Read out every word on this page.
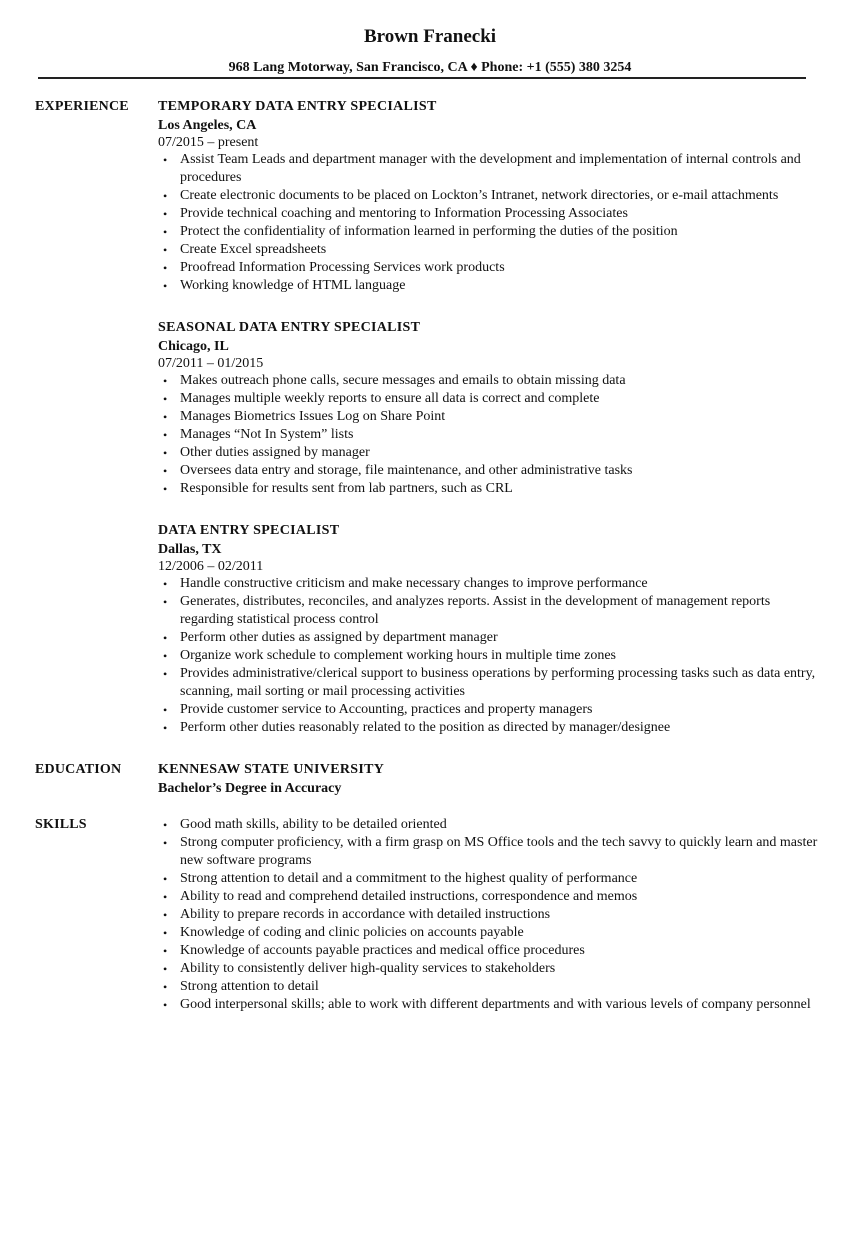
Brown Franecki
968 Lang Motorway, San Francisco, CA ♦ Phone: +1 (555) 380 3254
EXPERIENCE TEMPORARY DATA ENTRY SPECIALIST
Los Angeles, CA
07/2015 – present
• Assist Team Leads and department manager with the development and implementation of internal controls and procedures
• Create electronic documents to be placed on Lockton’s Intranet, network directories, or e-mail attachments
• Provide technical coaching and mentoring to Information Processing Associates
• Protect the confidentiality of information learned in performing the duties of the position
• Create Excel spreadsheets
• Proofread Information Processing Services work products
• Working knowledge of HTML language
SEASONAL DATA ENTRY SPECIALIST
Chicago, IL
07/2011 – 01/2015
• Makes outreach phone calls, secure messages and emails to obtain missing data
• Manages multiple weekly reports to ensure all data is correct and complete
• Manages Biometrics Issues Log on Share Point
• Manages “Not In System” lists
• Other duties assigned by manager
• Oversees data entry and storage, file maintenance, and other administrative tasks
• Responsible for results sent from lab partners, such as CRL
DATA ENTRY SPECIALIST
Dallas, TX
12/2006 – 02/2011
• Handle constructive criticism and make necessary changes to improve performance
• Generates, distributes, reconciles, and analyzes reports. Assist in the development of management reports regarding statistical process control
• Perform other duties as assigned by department manager
• Organize work schedule to complement working hours in multiple time zones
• Provides administrative/clerical support to business operations by performing processing tasks such as data entry, scanning, mail sorting or mail processing activities
• Provide customer service to Accounting, practices and property managers
• Perform other duties reasonably related to the position as directed by manager/designee
EDUCATION	KENNESAW STATE UNIVERSITY
Bachelor’s Degree in Accuracy
SKILLS	• Good math skills, ability to be detailed oriented
• Strong computer proficiency, with a firm grasp on MS Office tools and the tech savvy to quickly learn and master new software programs
• Strong attention to detail and a commitment to the highest quality of performance
• Ability to read and comprehend detailed instructions, correspondence and memos
• Ability to prepare records in accordance with detailed instructions
• Knowledge of coding and clinic policies on accounts payable
• Knowledge of accounts payable practices and medical office procedures
• Ability to consistently deliver high-quality services to stakeholders
• Strong attention to detail
• Good interpersonal skills; able to work with different departments and with various levels of company personnel
